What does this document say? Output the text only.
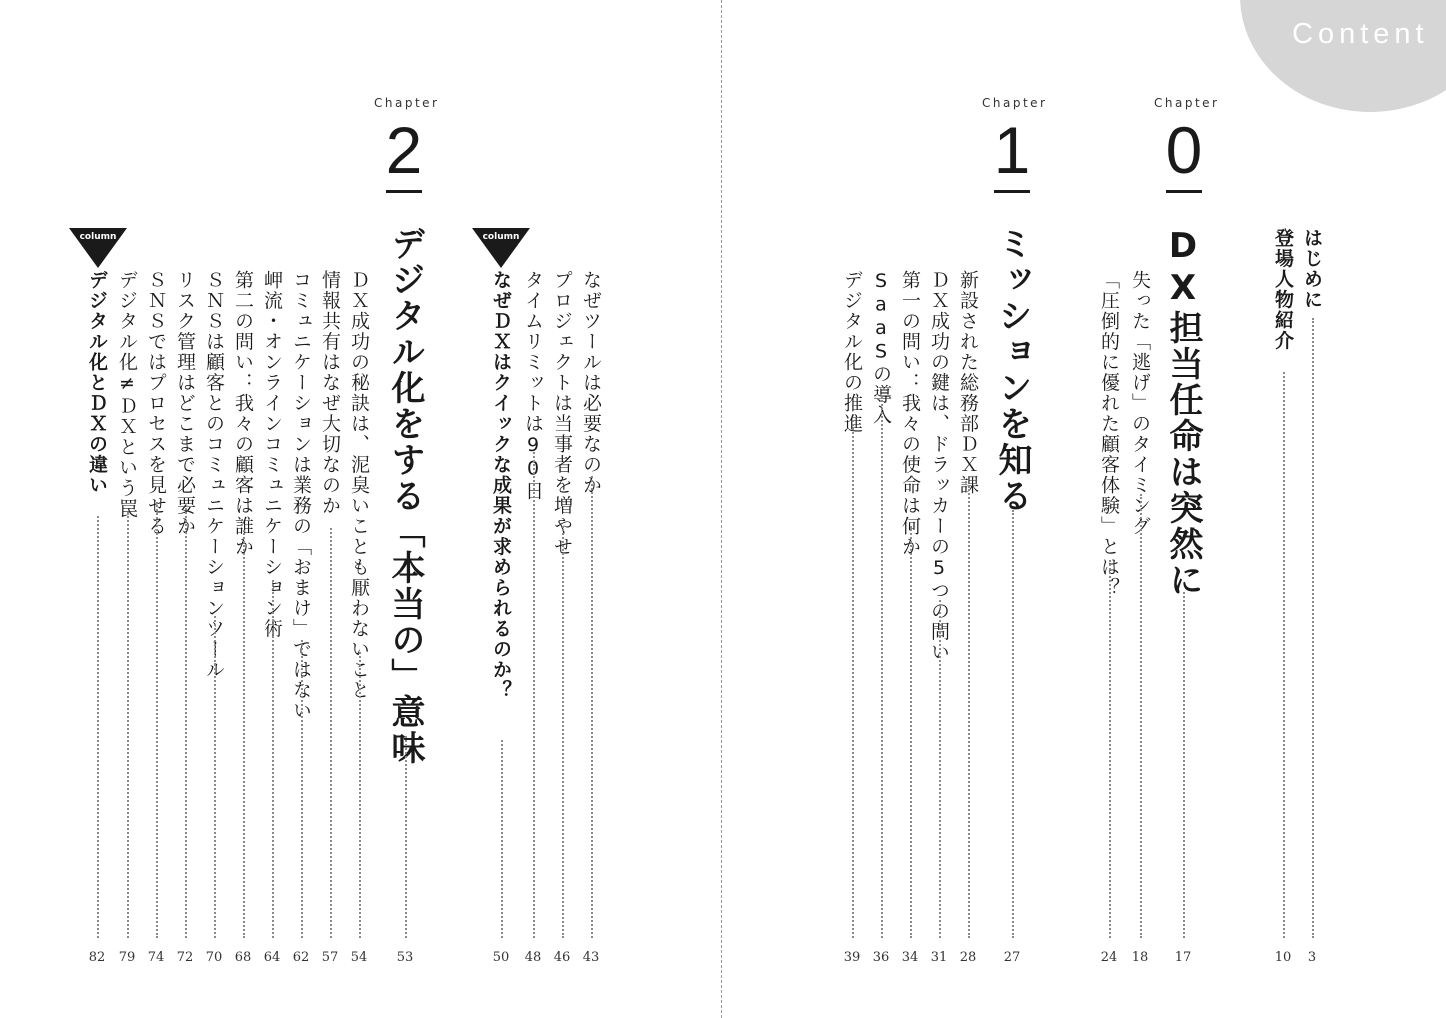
Content
Chapter
0
Chapter
1
Chapter
2
column
column	はじめに
3
登場人物紹介
10
DX担当任命は突然に
17
失った「逃げ」のタイミング
18
「圧倒的に優れた顧客体験」とは？
24
ミッションを知る
27
新設された総務部ＤＸ課
28
ＤＸ成功の鍵は、ドラッカーの5つの問い
31
第一の問い：我々の使命は何か
34
SaaSの導入
36
デジタル化の推進
39
なぜツールは必要なのか
43
プロジェクトは当事者を増やせ
46
タイムリミットは90日
48
なぜＤＸはクイックな成果が求められるのか？
50
デジタル化をする「本当の」意味
53
ＤＸ成功の秘訣は、泥臭いことも厭わないこと
54
情報共有はなぜ大切なのか
57
コミュニケーションは業務の「おまけ」ではない
62
岬流・オンラインコミュニケーション術
64
第二の問い：我々の顧客は誰か
68
ＳＮＳは顧客とのコミュニケーションツール
70
リスク管理はどこまで必要か
72
ＳＮＳではプロセスを見せる
74
デジタル化≠ＤＸという罠
79
デジタル化とＤＸの違い
82
